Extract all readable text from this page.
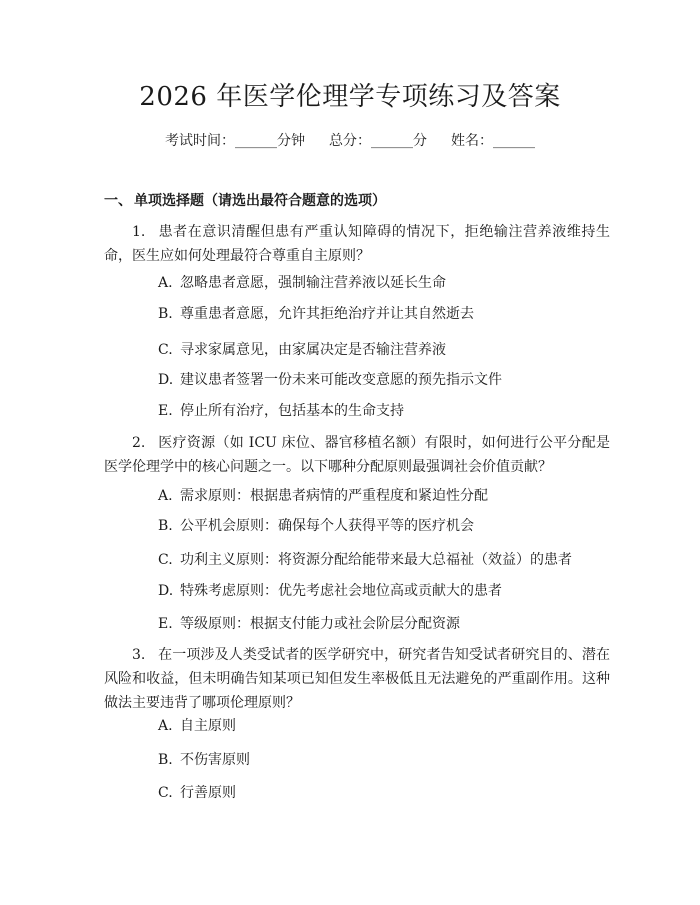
2026 年医学伦理学专项练习及答案
考试时间：______分钟 总分：______分 姓名：______
一、 单项选择题（请选出最符合题意的选项）
1. 患者在意识清醒但患有严重认知障碍的情况下，拒绝输注营养液维持生命，医生应如何处理最符合尊重自主原则？
A. 忽略患者意愿，强制输注营养液以延长生命
B. 尊重患者意愿，允许其拒绝治疗并让其自然逝去
C. 寻求家属意见，由家属决定是否输注营养液
D. 建议患者签署一份未来可能改变意愿的预先指示文件
E. 停止所有治疗，包括基本的生命支持
2. 医疗资源（如 ICU 床位、器官移植名额）有限时，如何进行公平分配是医学伦理学中的核心问题之一。以下哪种分配原则最强调社会价值贡献？
A. 需求原则：根据患者病情的严重程度和紧迫性分配
B. 公平机会原则：确保每个人获得平等的医疗机会
C. 功利主义原则：将资源分配给能带来最大总福祉（效益）的患者
D. 特殊考虑原则：优先考虑社会地位高或贡献大的患者
E. 等级原则：根据支付能力或社会阶层分配资源
3. 在一项涉及人类受试者的医学研究中，研究者告知受试者研究目的、潜在风险和收益，但未明确告知某项已知但发生率极低且无法避免的严重副作用。这种做法主要违背了哪项伦理原则？
A. 自主原则
B. 不伤害原则
C. 行善原则
